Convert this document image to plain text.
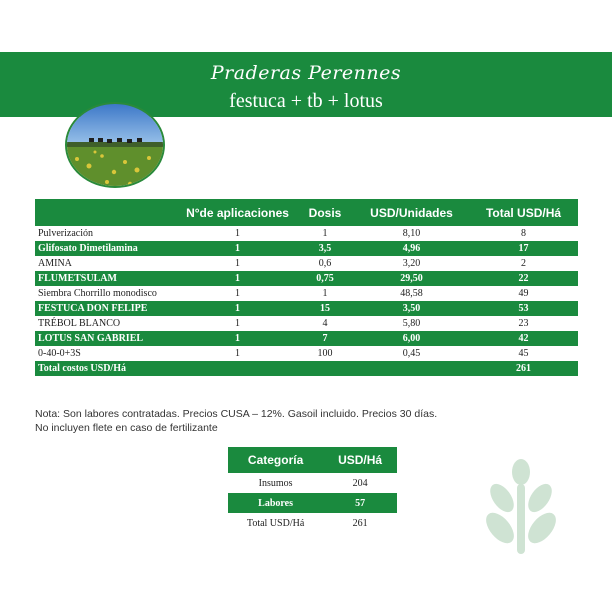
Praderas Perennes
festuca + tb + lotus
	N°de aplicaciones	Dosis	USD/Unidades	Total USD/Há
Pulverización	1	1	8,10	8
Glifosato Dimetilamina	1	3,5	4,96	17
AMINA	1	0,6	3,20	2
FLUMETSULAM	1	0,75	29,50	22
Siembra Chorrillo monodisco	1	1	48,58	49
FESTUCA DON FELIPE	1	15	3,50	53
TRÉBOL BLANCO	1	4	5,80	23
LOTUS SAN GABRIEL	1	7	6,00	42
0-40-0+3S	1	100	0,45	45
Total costos USD/Há				261
Nota: Son labores contratadas. Precios CUSA – 12%. Gasoil incluido. Precios 30 días.
No incluyen flete en caso de fertilizante
Categoría	USD/Há
Insumos	204
Labores	57
Total USD/Há	261
